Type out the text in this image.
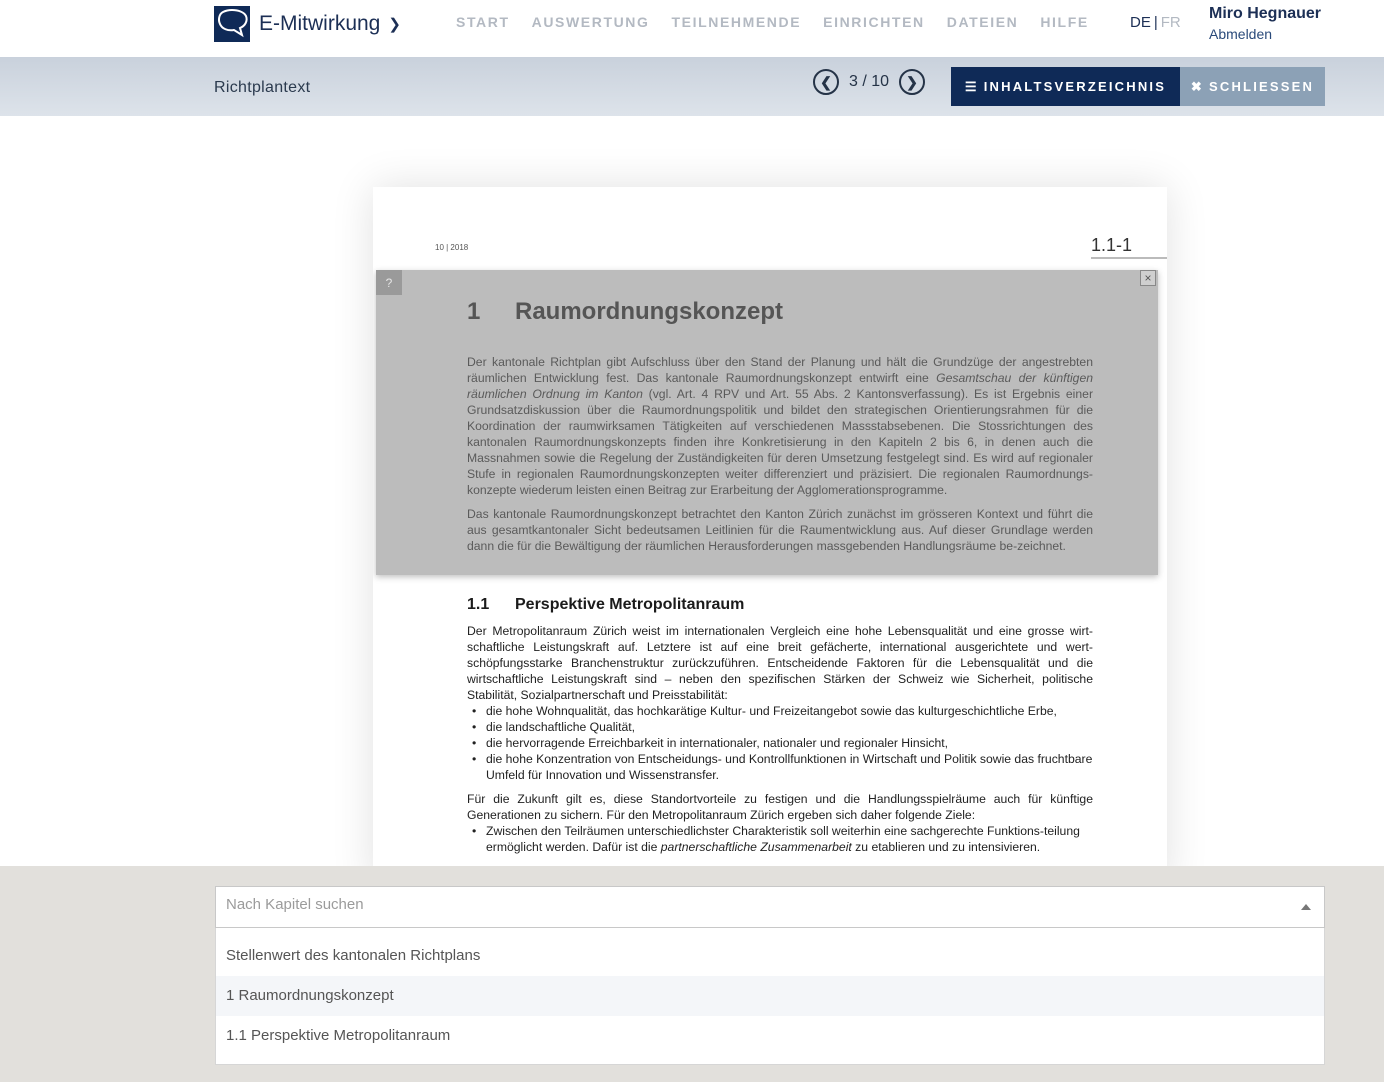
E-Mitwirkung ❯	START AUSWERTUNG TEILNEHMENDE EINRICHTEN DATEIEN HILFE	DE | FR
Miro Hegnauer
Abmelden
Richtplantext	❮	3 / 10	❯	☰ INHALTSVERZEICHNIS ✖ SCHLIESSEN
10 | 2018	1.1-1
?	×
1 Raumordnungskonzept
Der kantonale Richtplan gibt Aufschluss über den Stand der Planung und hält die Grundzüge der angestrebten räumlichen Entwicklung fest. Das kantonale Raumordnungskonzept entwirft eine Gesamtschau der künftigen räumlichen Ordnung im Kanton (vgl. Art. 4 RPV und Art. 55 Abs. 2 Kantonsverfassung). Es ist Ergebnis einer Grundsatzdiskussion über die Raumordnungspolitik und bildet den strategischen Orientierungsrahmen für die Koordination der raumwirksamen Tätigkeiten auf verschiedenen Massstabsebenen. Die Stossrichtungen des kantonalen Raumordnungskonzepts finden ihre Konkretisierung in den Kapiteln 2 bis 6, in denen auch die Massnahmen sowie die Regelung der Zuständigkeiten für deren Umsetzung festgelegt sind. Es wird auf regionaler Stufe in regionalen Raumordnungskonzepten weiter differenziert und präzisiert. Die regionalen Raumordnungs-konzepte wiederum leisten einen Beitrag zur Erarbeitung der Agglomerationsprogramme.
Das kantonale Raumordnungskonzept betrachtet den Kanton Zürich zunächst im grösseren Kontext und führt die aus gesamtkantonaler Sicht bedeutsamen Leitlinien für die Raumentwicklung aus. Auf dieser Grundlage werden dann die für die Bewältigung der räumlichen Herausforderungen massgebenden Handlungsräume be-zeichnet.
1.1 Perspektive Metropolitanraum

Der Metropolitanraum Zürich weist im internationalen Vergleich eine hohe Lebensqualität und eine grosse wirt-schaftliche Leistungskraft auf. Letztere ist auf eine breit gefächerte, international ausgerichtete und wert-schöpfungsstarke Branchenstruktur zurückzuführen. Entscheidende Faktoren für die Lebensqualität und die wirtschaftliche Leistungskraft sind – neben den spezifischen Stärken der Schweiz wie Sicherheit, politische Stabilität, Sozialpartnerschaft und Preisstabilität:

• die hohe Wohnqualität, das hochkarätige Kultur- und Freizeitangebot sowie das kulturgeschichtliche Erbe,
• die landschaftliche Qualität,
• die hervorragende Erreichbarkeit in internationaler, nationaler und regionaler Hinsicht,
• die hohe Konzentration von Entscheidungs- und Kontrollfunktionen in Wirtschaft und Politik sowie das fruchtbare Umfeld für Innovation und Wissenstransfer.

Für die Zukunft gilt es, diese Standortvorteile zu festigen und die Handlungsspielräume auch für künftige Generationen zu sichern. Für den Metropolitanraum Zürich ergeben sich daher folgende Ziele:

• Zwischen den Teilräumen unterschiedlichster Charakteristik soll weiterhin eine sachgerechte Funktions-teilung ermöglicht werden. Dafür ist die partnerschaftliche Zusammenarbeit zu etablieren und zu intensivieren.
Nach Kapitel suchen
Stellenwert des kantonalen Richtplans
1 Raumordnungskonzept
1.1 Perspektive Metropolitanraum
